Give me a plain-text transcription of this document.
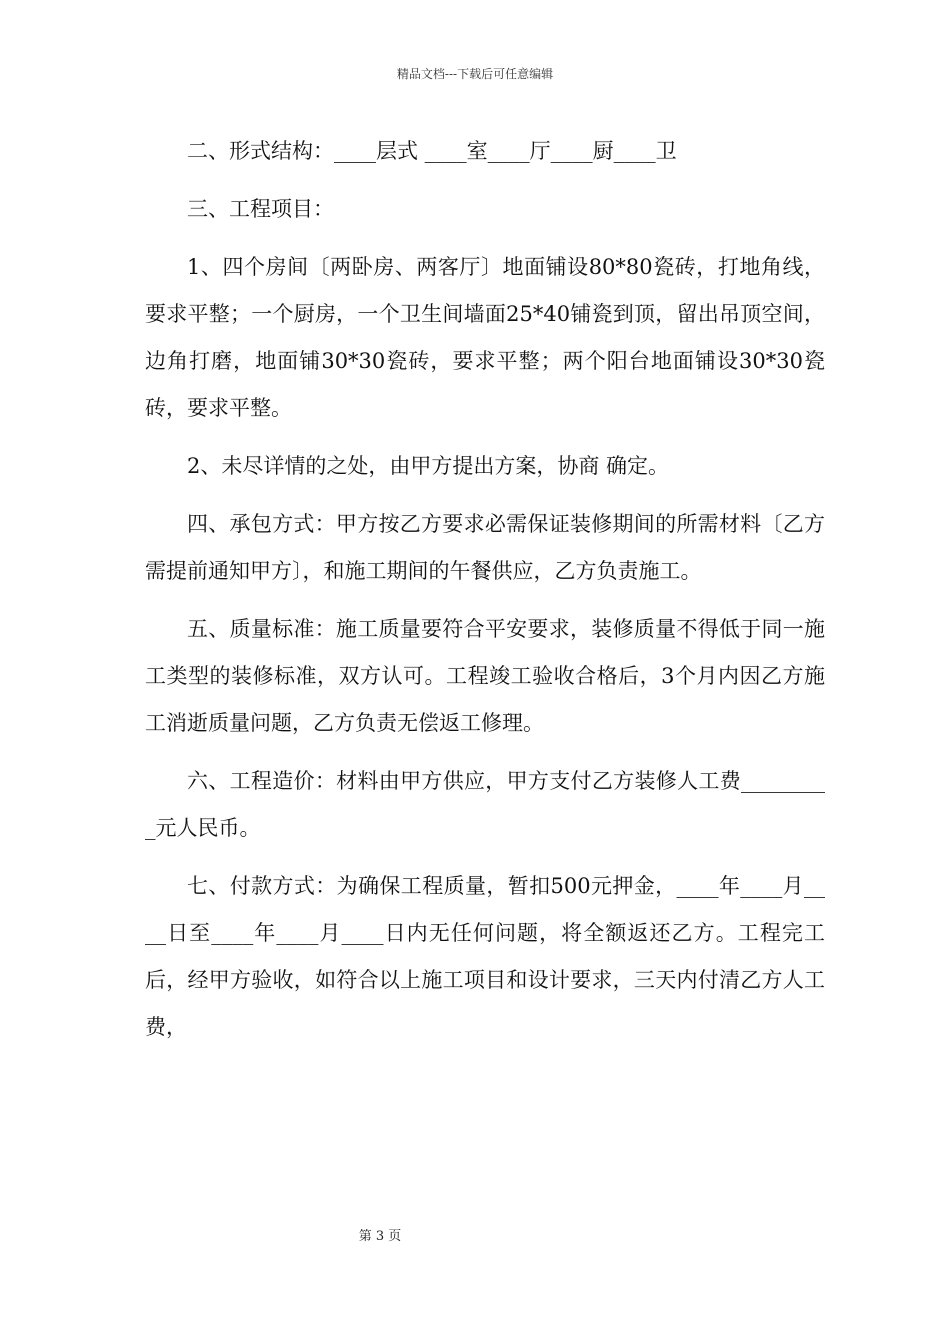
精品文档---下载后可任意编辑

二、形式结构：____层式 ____室____厅____厨____卫

三、工程项目：

1、四个房间〔两卧房、两客厅〕地面铺设80*80瓷砖，打地角线，要求平整；一个厨房，一个卫生间墙面25*40铺瓷到顶，留出吊顶空间，边角打磨，地面铺30*30瓷砖，要求平整；两个阳台地面铺设30*30瓷砖，要求平整。

2、未尽详情的之处，由甲方提出方案，协商 确定。

四、承包方式：甲方按乙方要求必需保证装修期间的所需材料〔乙方需提前通知甲方〕，和施工期间的午餐供应，乙方负责施工。

五、质量标准：施工质量要符合平安要求，装修质量不得低于同一施工类型的装修标准，双方认可。工程竣工验收合格后，3个月内因乙方施工消逝质量问题，乙方负责无偿返工修理。

六、工程造价：材料由甲方供应，甲方支付乙方装修人工费_________元人民币。

七、付款方式：为确保工程质量，暂扣500元押金，____年____月____日至____年____月____日内无任何问题，将全额返还乙方。工程完工后，经甲方验收，如符合以上施工项目和设计要求，三天内付清乙方人工费，

第 3 页
